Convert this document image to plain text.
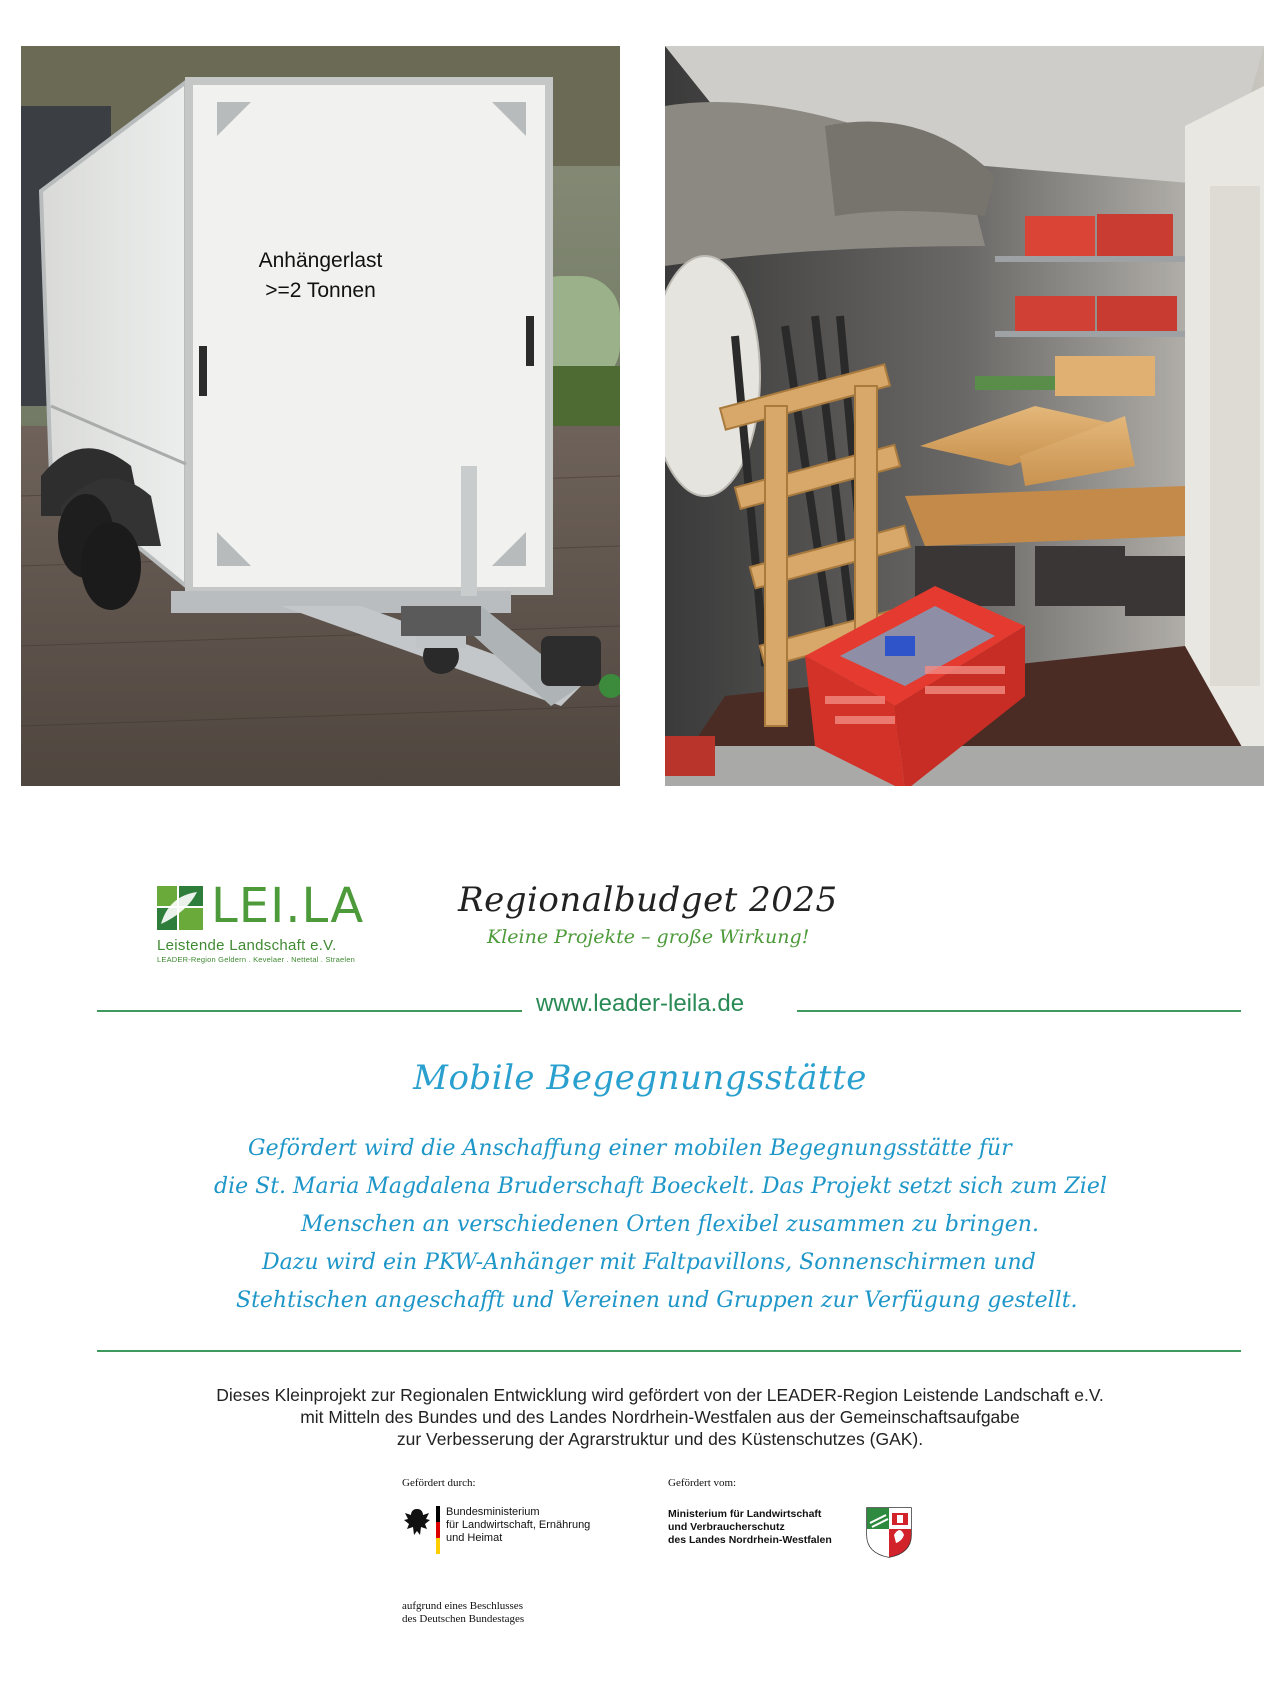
Anhängerlast
>=2 Tonnen
LEI.LA
Leistende Landschaft e.V.
LEADER-Region Geldern . Kevelaer . Nettetal . Straelen
Regionalbudget 2025
Kleine Projekte – große Wirkung!
www.leader-leila.de
Mobile Begegnungsstätte
Gefördert wird die Anschaffung einer mobilen Begegnungsstätte für
die St. Maria Magdalena Bruderschaft Boeckelt. Das Projekt setzt sich zum Ziel
Menschen an verschiedenen Orten flexibel zusammen zu bringen.
Dazu wird ein PKW-Anhänger mit Faltpavillons, Sonnenschirmen und
Stehtischen angeschafft und Vereinen und Gruppen zur Verfügung gestellt.
Dieses Kleinprojekt zur Regionalen Entwicklung wird gefördert von der LEADER-Region Leistende Landschaft e.V.
mit Mitteln des Bundes und des Landes Nordrhein-Westfalen aus der Gemeinschaftsaufgabe
zur Verbesserung der Agrarstruktur und des Küstenschutzes (GAK).
Gefördert durch:
Bundesministerium
für Landwirtschaft, Ernährung
und Heimat
aufgrund eines Beschlusses
des Deutschen Bundestages
Gefördert vom:
Ministerium für Landwirtschaft
und Verbraucherschutz
des Landes Nordrhein-Westfalen
